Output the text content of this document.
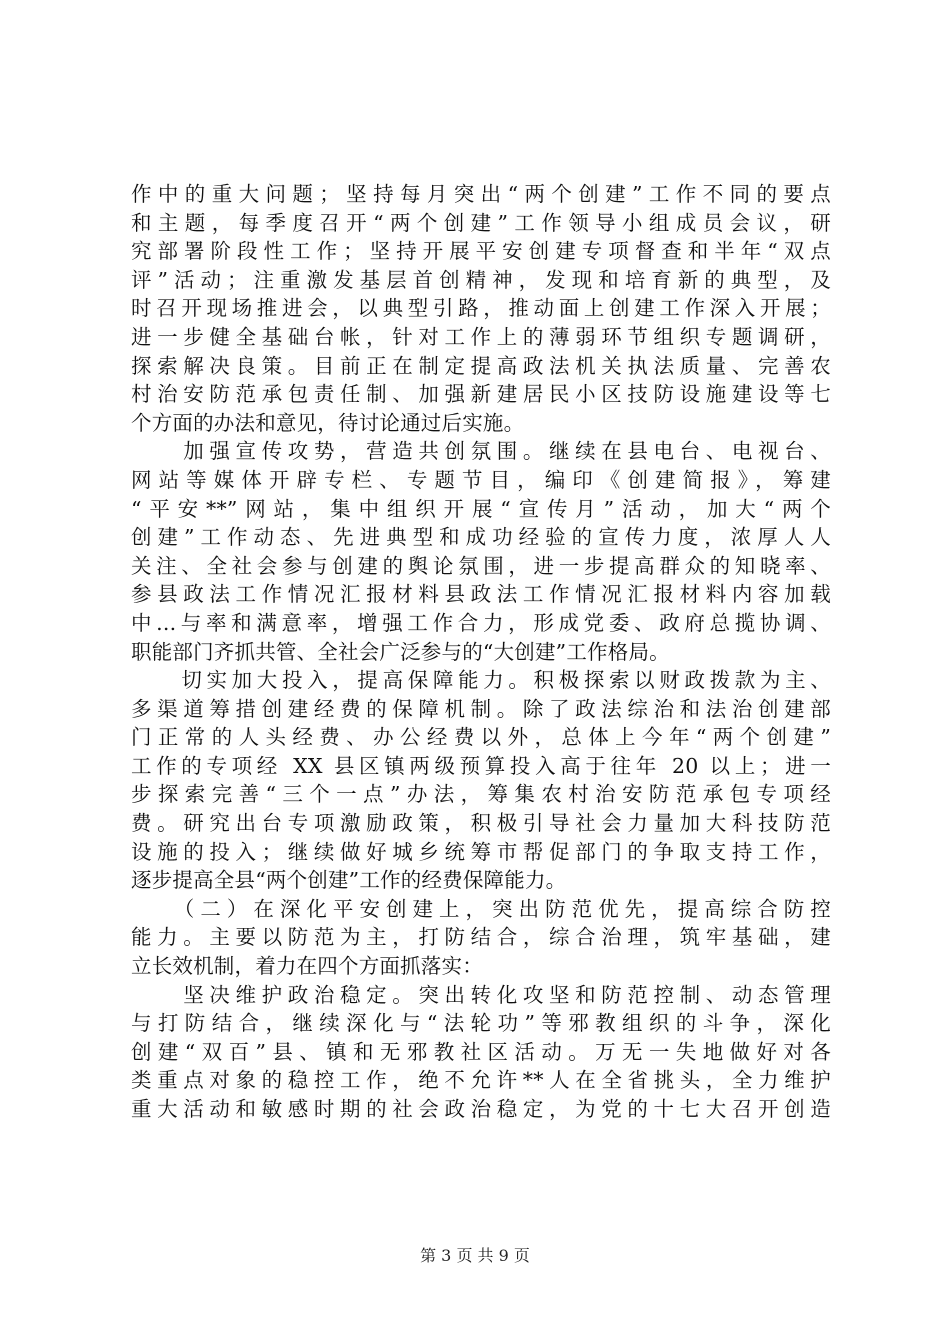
作中的重大问题；坚持每月突出“两个创建”工作不同的要点
和主题，每季度召开“两个创建”工作领导小组成员会议，研
究部署阶段性工作；坚持开展平安创建专项督查和半年“双点
评”活动；注重激发基层首创精神，发现和培育新的典型，及
时召开现场推进会，以典型引路，推动面上创建工作深入开展；
进一步健全基础台帐，针对工作上的薄弱环节组织专题调研，
探索解决良策。目前正在制定提高政法机关执法质量、完善农
村治安防范承包责任制、加强新建居民小区技防设施建设等七
个方面的办法和意见，待讨论通过后实施。
　　加强宣传攻势，营造共创氛围。继续在县电台、电视台、
网站等媒体开辟专栏、专题节目，编印《创建简报》，筹建
“平安**”网站，集中组织开展“宣传月”活动，加大“两个
创建”工作动态、先进典型和成功经验的宣传力度，浓厚人人
关注、全社会参与创建的舆论氛围，进一步提高群众的知晓率、
参县政法工作情况汇报材料县政法工作情况汇报材料内容加载
中...与率和满意率，增强工作合力，形成党委、政府总揽协调、
职能部门齐抓共管、全社会广泛参与的“大创建”工作格局。
　　切实加大投入，提高保障能力。积极探索以财政拨款为主、
多渠道筹措创建经费的保障机制。除了政法综治和法治创建部
门正常的人头经费、办公经费以外，总体上今年“两个创建”
工作的专项经 XX 县区镇两级预算投入高于往年 20 以上；进一
步探索完善“三个一点”办法，筹集农村治安防范承包专项经
费。研究出台专项激励政策，积极引导社会力量加大科技防范
设施的投入；继续做好城乡统筹市帮促部门的争取支持工作，
逐步提高全县“两个创建”工作的经费保障能力。
　　（二）在深化平安创建上，突出防范优先，提高综合防控
能力。主要以防范为主，打防结合，综合治理，筑牢基础，建
立长效机制，着力在四个方面抓落实：
　　坚决维护政治稳定。突出转化攻坚和防范控制、动态管理
与打防结合，继续深化与“法轮功”等邪教组织的斗争，深化
创建“双百”县、镇和无邪教社区活动。万无一失地做好对各
类重点对象的稳控工作，绝不允许**人在全省挑头，全力维护
重大活动和敏感时期的社会政治稳定，为党的十七大召开创造
第 3 页 共 9 页
